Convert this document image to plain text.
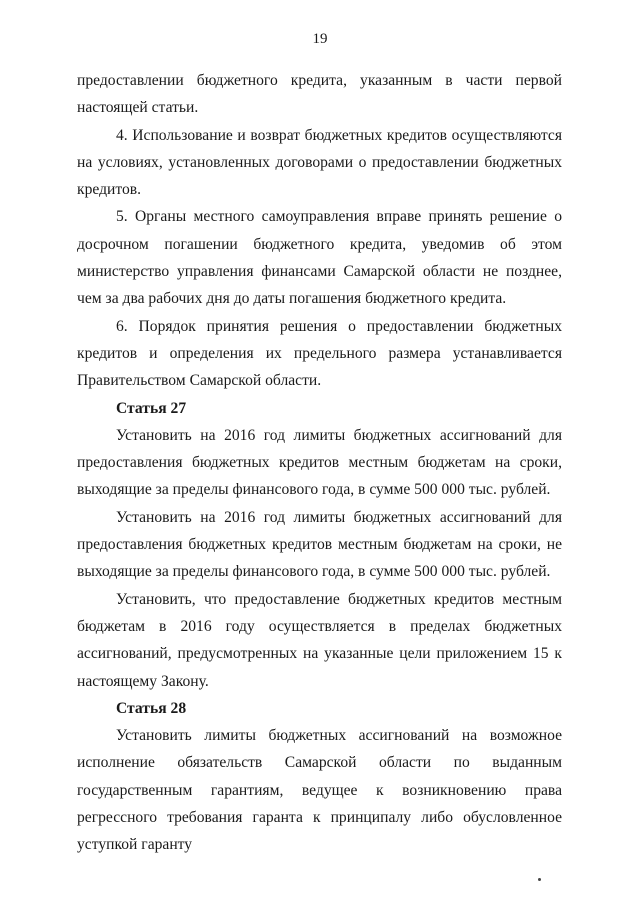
19

предоставлении бюджетного кредита, указанным в части первой настоящей статьи.

4. Использование и возврат бюджетных кредитов осуществляются на условиях, установленных договорами о предоставлении бюджетных кредитов.

5. Органы местного самоуправления вправе принять решение о досрочном погашении бюджетного кредита, уведомив об этом министерство управления финансами Самарской области не позднее, чем за два рабочих дня до даты погашения бюджетного кредита.

6. Порядок принятия решения о предоставлении бюджетных кредитов и определения их предельного размера устанавливается Правительством Самарской области.

Статья 27

Установить на 2016 год лимиты бюджетных ассигнований для предоставления бюджетных кредитов местным бюджетам на сроки, выходящие за пределы финансового года, в сумме 500 000 тыс. рублей.

Установить на 2016 год лимиты бюджетных ассигнований для предоставления бюджетных кредитов местным бюджетам на сроки, не выходящие за пределы финансового года, в сумме 500 000 тыс. рублей.

Установить, что предоставление бюджетных кредитов местным бюджетам в 2016 году осуществляется в пределах бюджетных ассигнований, предусмотренных на указанные цели приложением 15 к настоящему Закону.

Статья 28

Установить лимиты бюджетных ассигнований на возможное исполнение обязательств Самарской области по выданным государственным гарантиям, ведущее к возникновению права регрессного требования гаранта к принципалу либо обусловленное уступкой гаранту
